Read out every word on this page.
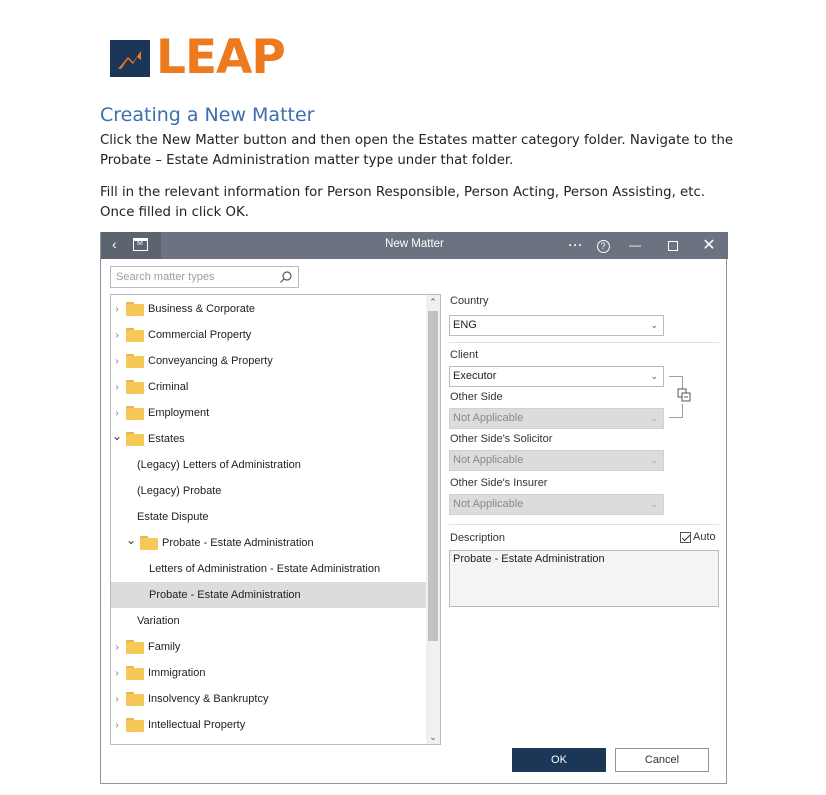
LEAP
Creating a New Matter
Click the New Matter button and then open the Estates matter category folder. Navigate to the Probate – Estate Administration matter type under that folder.
Fill in the relevant information for Person Responsible, Person Acting, Person Assisting, etc. Once filled in click OK.
‹	M	New Matter	···	?	—	✕
Search matter types
›	Business & Corporate
›	Commercial Property
›	Conveyancing & Property
›	Criminal
›	Employment
⌄ Estates
(Legacy) Letters of Administration
(Legacy) Probate
Estate Dispute
⌄ Probate - Estate Administration
Letters of Administration - Estate Administration
Probate - Estate Administration
Variation
›	Family
›	Immigration
›	Insolvency & Bankruptcy
›	Intellectual Property
⌃
⌄
Country
ENG	⌄
Client
Executor	⌄
Other Side
Not Applicable	⌄
Other Side's Solicitor
Not Applicable	⌄
Other Side's Insurer
Not Applicable	⌄
Description	Auto
Probate - Estate Administration
OK	Cancel
